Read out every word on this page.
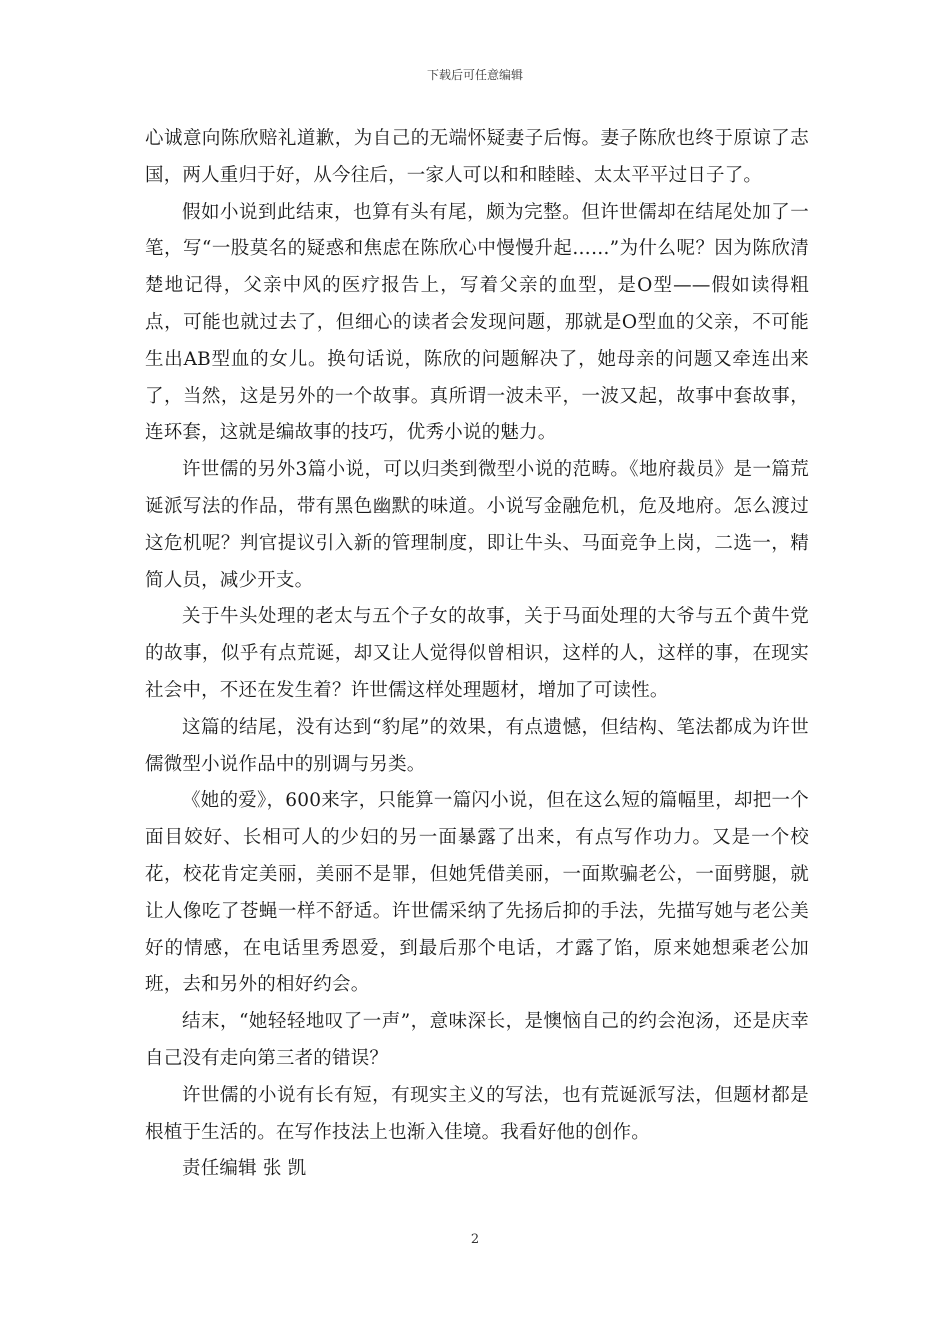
下载后可任意编辑

心诚意向陈欣赔礼道歉，为自己的无端怀疑妻子后悔。妻子陈欣也终于原谅了志国，两人重归于好，从今往后，一家人可以和和睦睦、太太平平过日子了。

假如小说到此结束，也算有头有尾，颇为完整。但许世儒却在结尾处加了一笔，写“一股莫名的疑惑和焦虑在陈欣心中慢慢升起……”为什么呢？因为陈欣清楚地记得，父亲中风的医疗报告上，写着父亲的血型，是O型——假如读得粗点，可能也就过去了，但细心的读者会发现问题，那就是O型血的父亲，不可能生出AB型血的女儿。换句话说，陈欣的问题解决了，她母亲的问题又牵连出来了，当然，这是另外的一个故事。真所谓一波未平，一波又起，故事中套故事，连环套，这就是编故事的技巧，优秀小说的魅力。

许世儒的另外3篇小说，可以归类到微型小说的范畴。《地府裁员》是一篇荒诞派写法的作品，带有黑色幽默的味道。小说写金融危机，危及地府。怎么渡过这危机呢？判官提议引入新的管理制度，即让牛头、马面竞争上岗，二选一，精简人员，减少开支。

关于牛头处理的老太与五个子女的故事，关于马面处理的大爷与五个黄牛党的故事，似乎有点荒诞，却又让人觉得似曾相识，这样的人，这样的事，在现实社会中，不还在发生着？许世儒这样处理题材，增加了可读性。

这篇的结尾，没有达到“豹尾”的效果，有点遗憾，但结构、笔法都成为许世儒微型小说作品中的别调与另类。

《她的爱》，600来字，只能算一篇闪小说，但在这么短的篇幅里，却把一个面目姣好、长相可人的少妇的另一面暴露了出来，有点写作功力。又是一个校花，校花肯定美丽，美丽不是罪，但她凭借美丽，一面欺骗老公，一面劈腿，就让人像吃了苍蝇一样不舒适。许世儒采纳了先扬后抑的手法，先描写她与老公美好的情感，在电话里秀恩爱，到最后那个电话，才露了馅，原来她想乘老公加班，去和另外的相好约会。

结末，“她轻轻地叹了一声”，意味深长，是懊恼自己的约会泡汤，还是庆幸自己没有走向第三者的错误？

许世儒的小说有长有短，有现实主义的写法，也有荒诞派写法，但题材都是根植于生活的。在写作技法上也渐入佳境。我看好他的创作。

责任编辑 张 凯

2
